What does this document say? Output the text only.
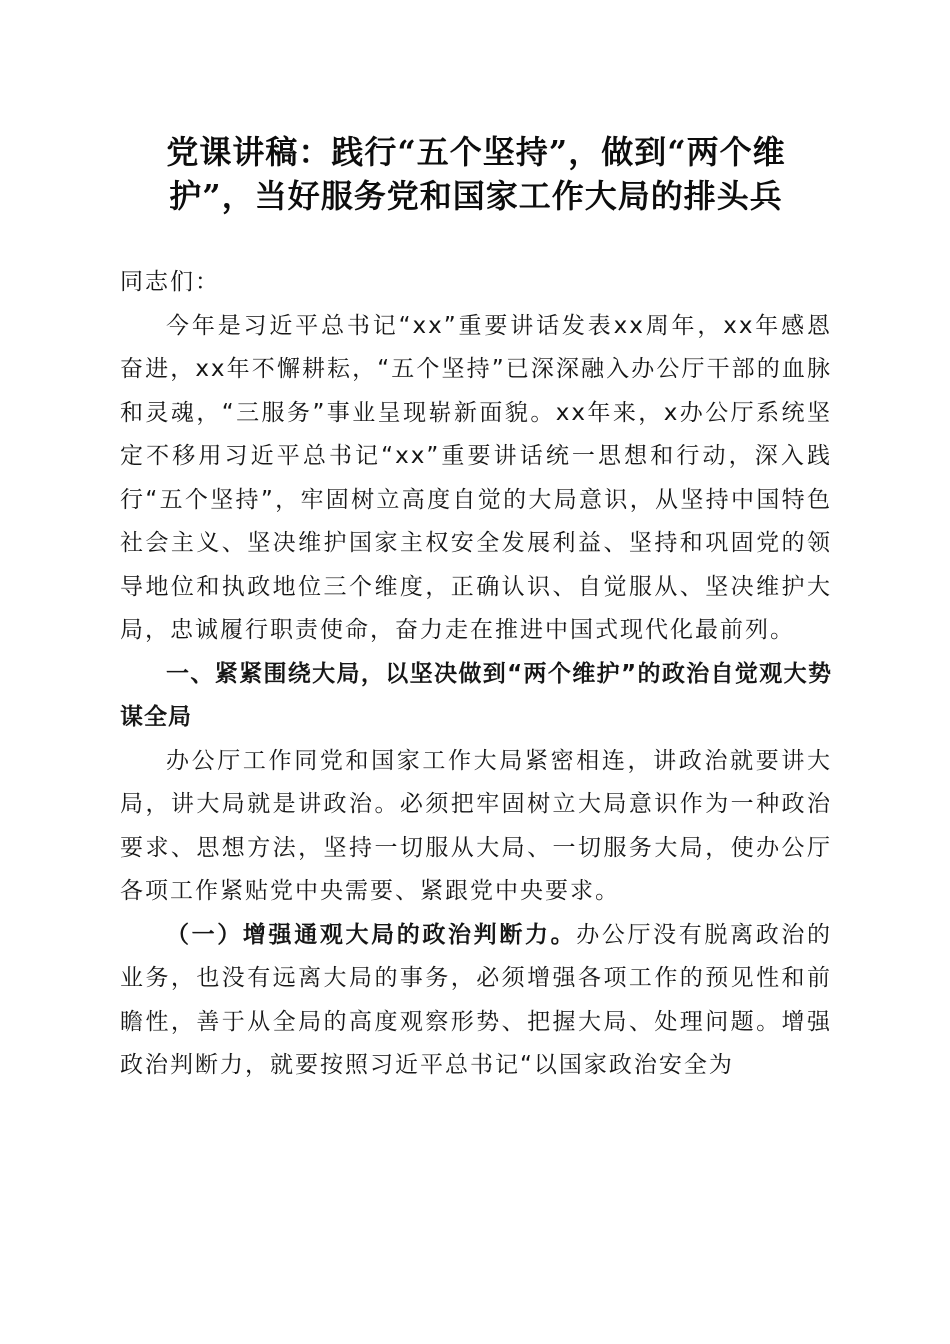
党课讲稿：践行“五个坚持”，做到“两个维
护”，当好服务党和国家工作大局的排头兵

同志们：

今年是习近平总书记“xx”重要讲话发表xx周年，xx年感恩奋进，xx年不懈耕耘，“五个坚持”已深深融入办公厅干部的血脉和灵魂，“三服务”事业呈现崭新面貌。xx年来，x办公厅系统坚定不移用习近平总书记“xx”重要讲话统一思想和行动，深入践行“五个坚持”，牢固树立高度自觉的大局意识，从坚持中国特色社会主义、坚决维护国家主权安全发展利益、坚持和巩固党的领导地位和执政地位三个维度，正确认识、自觉服从、坚决维护大局，忠诚履行职责使命，奋力走在推进中国式现代化最前列。

一、紧紧围绕大局，以坚决做到“两个维护”的政治自觉观大势谋全局

办公厅工作同党和国家工作大局紧密相连，讲政治就要讲大局，讲大局就是讲政治。必须把牢固树立大局意识作为一种政治要求、思想方法，坚持一切服从大局、一切服务大局，使办公厅各项工作紧贴党中央需要、紧跟党中央要求。

（一）增强通观大局的政治判断力。办公厅没有脱离政治的业务，也没有远离大局的事务，必须增强各项工作的预见性和前瞻性，善于从全局的高度观察形势、把握大局、处理问题。增强政治判断力，就要按照习近平总书记“以国家政治安全为
